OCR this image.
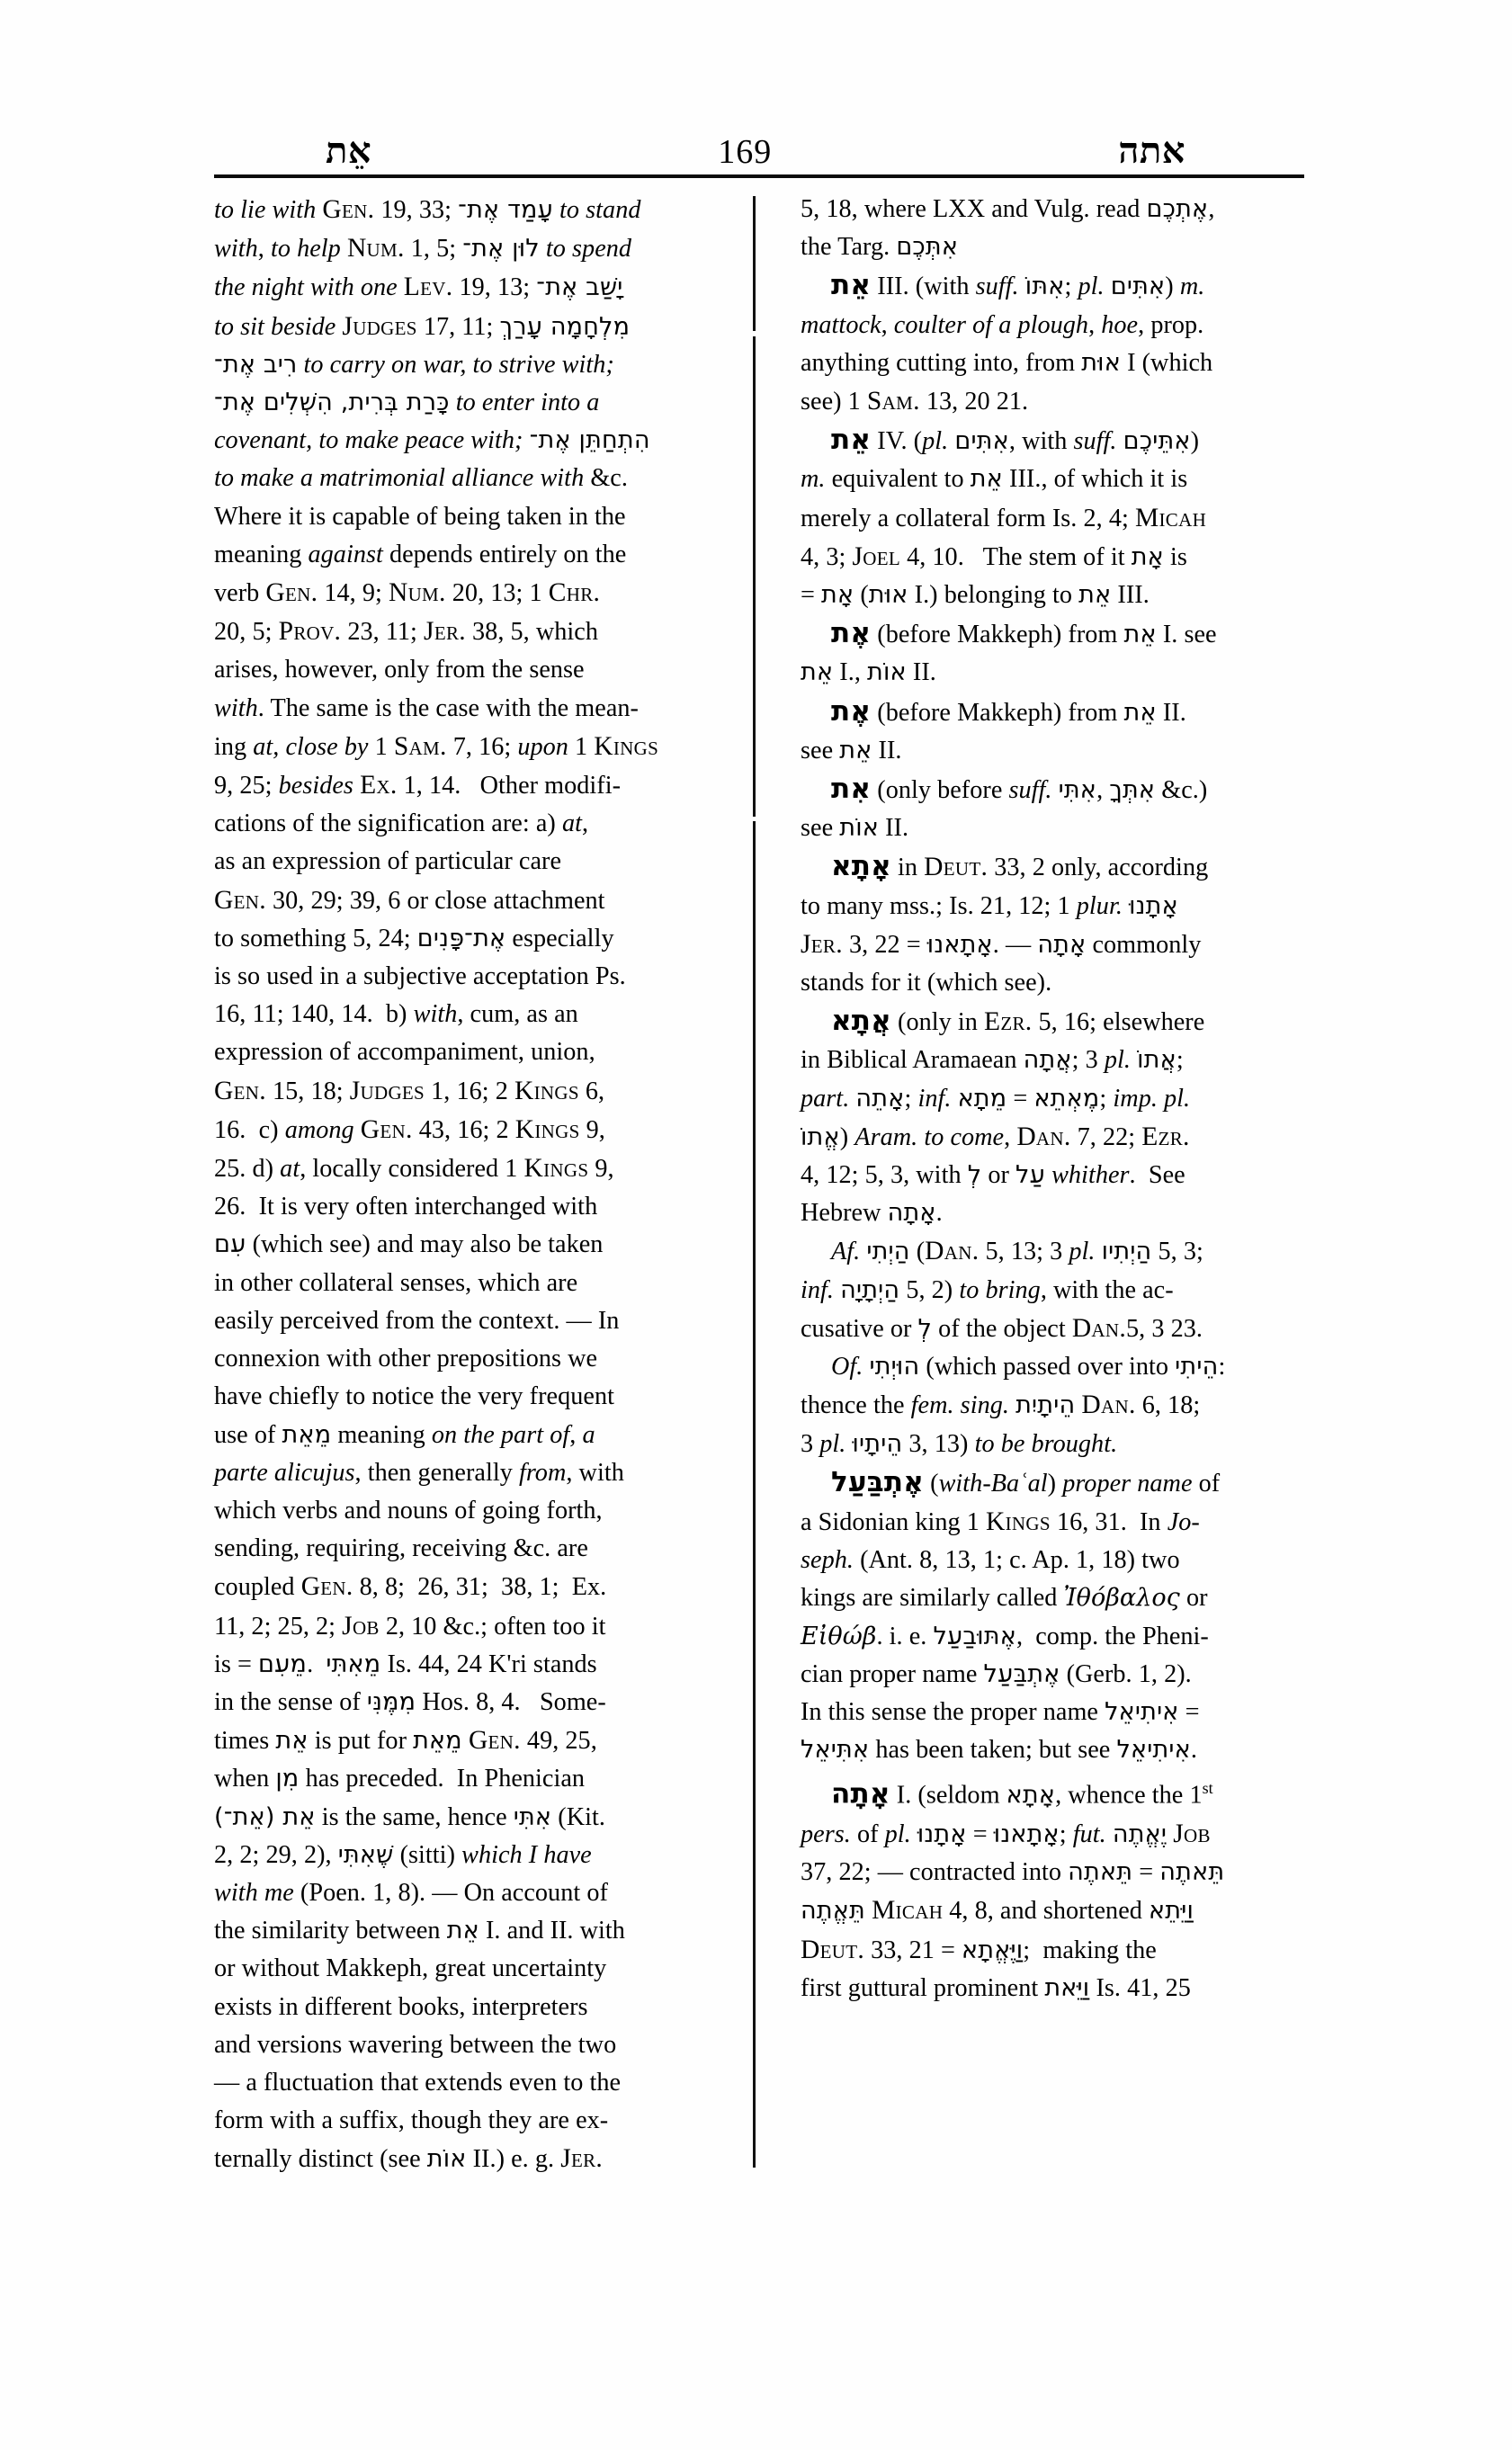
אֵת	169	אתה

to lie with Gen. 19, 33; עָמַד אֶת־ to stand

with, to help Num. 1, 5; לוּן אֶת־ to spend

the night with one Lev. 19, 13; יָשַׁב אֶת־

to sit beside Judges 17, 11; מִלְחָמָה עָרַךְ

רִיב אֶת־ to carry on war, to strive with;

כָּרַת בְּרִית, הִשְׁלִים אֶת־ to enter into a

covenant, to make peace with; הִתְחַתֵּן אֶת־

to make a matrimonial alliance with &c.

Where it is capable of being taken in the

meaning against depends entirely on the

verb Gen. 14, 9; Num. 20, 13; 1 Chr.

20, 5; Prov. 23, 11; Jer. 38, 5, which

arises, however, only from the sense

with. The same is the case with the mean-

ing at, close by 1 Sam. 7, 16; upon 1 Kings

9, 25; besides Ex. 1, 14.   Other modifi-

cations of the signification are: a) at,

as an expression of particular care

Gen. 30, 29; 39, 6 or close attachment

to something 5, 24; אֶת־פָּנִים especially

is so used in a subjective acceptation Ps.

16, 11; 140, 14.  b) with, cum, as an

expression of accompaniment, union,

Gen. 15, 18; Judges 1, 16; 2 Kings 6,

16.  c) among Gen. 43, 16; 2 Kings 9,

25. d) at, locally considered 1 Kings 9,

26.  It is very often interchanged with

עִם (which see) and may also be taken

in other collateral senses, which are

easily perceived from the context. — In

connexion with other prepositions we

have chiefly to notice the very frequent

use of מֵאֵת meaning on the part of, a

parte alicujus, then generally from, with

which verbs and nouns of going forth,

sending, requiring, receiving &c. are

coupled Gen. 8, 8;  26, 31;  38, 1;  Ex.

11, 2; 25, 2; Job 2, 10 &c.; often too it

is = מֵעִם.  מֵאִתִּי Is. 44, 24 K'ri stands

in the sense of מִמֶּנִּי Hos. 8, 4.   Some-

times אֵת is put for מֵאֵת Gen. 49, 25,

when מִן has preceded.  In Phenician

אֵת (אֵת־) is the same, hence אִתִּי (Kit.

2, 2; 29, 2), שֶׁאִתִּי (sitti) which I have

with me (Poen. 1, 8). — On account of

the similarity between אֵת I. and II. with

or without Makkeph, great uncertainty

exists in different books, interpreters

and versions wavering between the two

— a fluctuation that extends even to the

form with a suffix, though they are ex-

ternally distinct (see אוֹת II.) e. g. Jer.

5, 18, where LXX and Vulg. read אֶתְכֶם,

the Targ. אִתְּכֶם

אֵת III. (with suff. אִתּוֹ; pl. אִתִּים) m.

mattock, coulter of a plough, hoe, prop.

anything cutting into, from אוּת I (which

see) 1 Sam. 13, 20 21.

אֵת IV. (pl. אִתִּים, with suff. אִתֵּיכֶם)

m. equivalent to אֵת III., of which it is

merely a collateral form Is. 2, 4; Micah

4, 3; Joel 4, 10.   The stem of it אָת is

= אָת (אוּת I.) belonging to אֵת III.

אֶת (before Makkeph) from אֵת I. see

אֵת I., אוֹת II.

אֶת (before Makkeph) from אֵת II.

see אֵת II.

אִת (only before suff. אִתִּי, אִתְּךָ &c.)

see אוֹת II.

אָתָא in Deut. 33, 2 only, according

to many mss.; Is. 21, 12; 1 plur. אָתָנוּ

Jer. 3, 22 = אָתָאנוּ. — אָתָה commonly

stands for it (which see).

אֲתָא (only in Ezr. 5, 16; elsewhere

in Biblical Aramaean אֲתָה; 3 pl. אֲתוֹ;

part. אָתֵה; inf. מֵתָא = מֶאְתֵא; imp. pl.

אֱתוֹ) Aram. to come, Dan. 7, 22; Ezr.

4, 12; 5, 3, with לְ or עַל whither.  See

Hebrew אָתָה.

Af. הַיְתִי (Dan. 5, 13; 3 pl. הַיְתִיו 5, 3;

inf. הַיְתָיָה 5, 2) to bring, with the ac-

cusative or לְ of the object Dan.5, 3 23.

Of. הוּיְתִי (which passed over into הֵיתִי:

thence the fem. sing. הֵיתָיִת Dan. 6, 18;

3 pl. הֵיתָיוּ 3, 13) to be brought.

אֶתְבַּעַל (with-Baʿal) proper name of

a Sidonian king 1 Kings 16, 31.  In Jo-

seph. (Ant. 8, 13, 1; c. Ap. 1, 18) two

kings are similarly called Ἰθόβαλος or

Εἰθώβ. i. e. אֶתּוּבַעַל,  comp. the Pheni-

cian proper name אֶתְבַּעַל (Gerb. 1, 2).

In this sense the proper name אִיתִיאֵל =

אִתִּיאֵל has been taken; but see אִיתִיאֵל.

אָתָה I. (seldom אָתָא, whence the 1st

pers. of pl. אָתָנוּ = אָתָאנוּ; fut. יֶאֱתֶה Job

37, 22; — contracted into תֵּאתֶה = תֵּאתֶה

תֵּאֱתֶה Micah 4, 8, and shortened וַיֵּתֵא

Deut. 33, 21 = וַיֶּאֱתָא;  making the

first guttural prominent וַיֵּאת Is. 41, 25
